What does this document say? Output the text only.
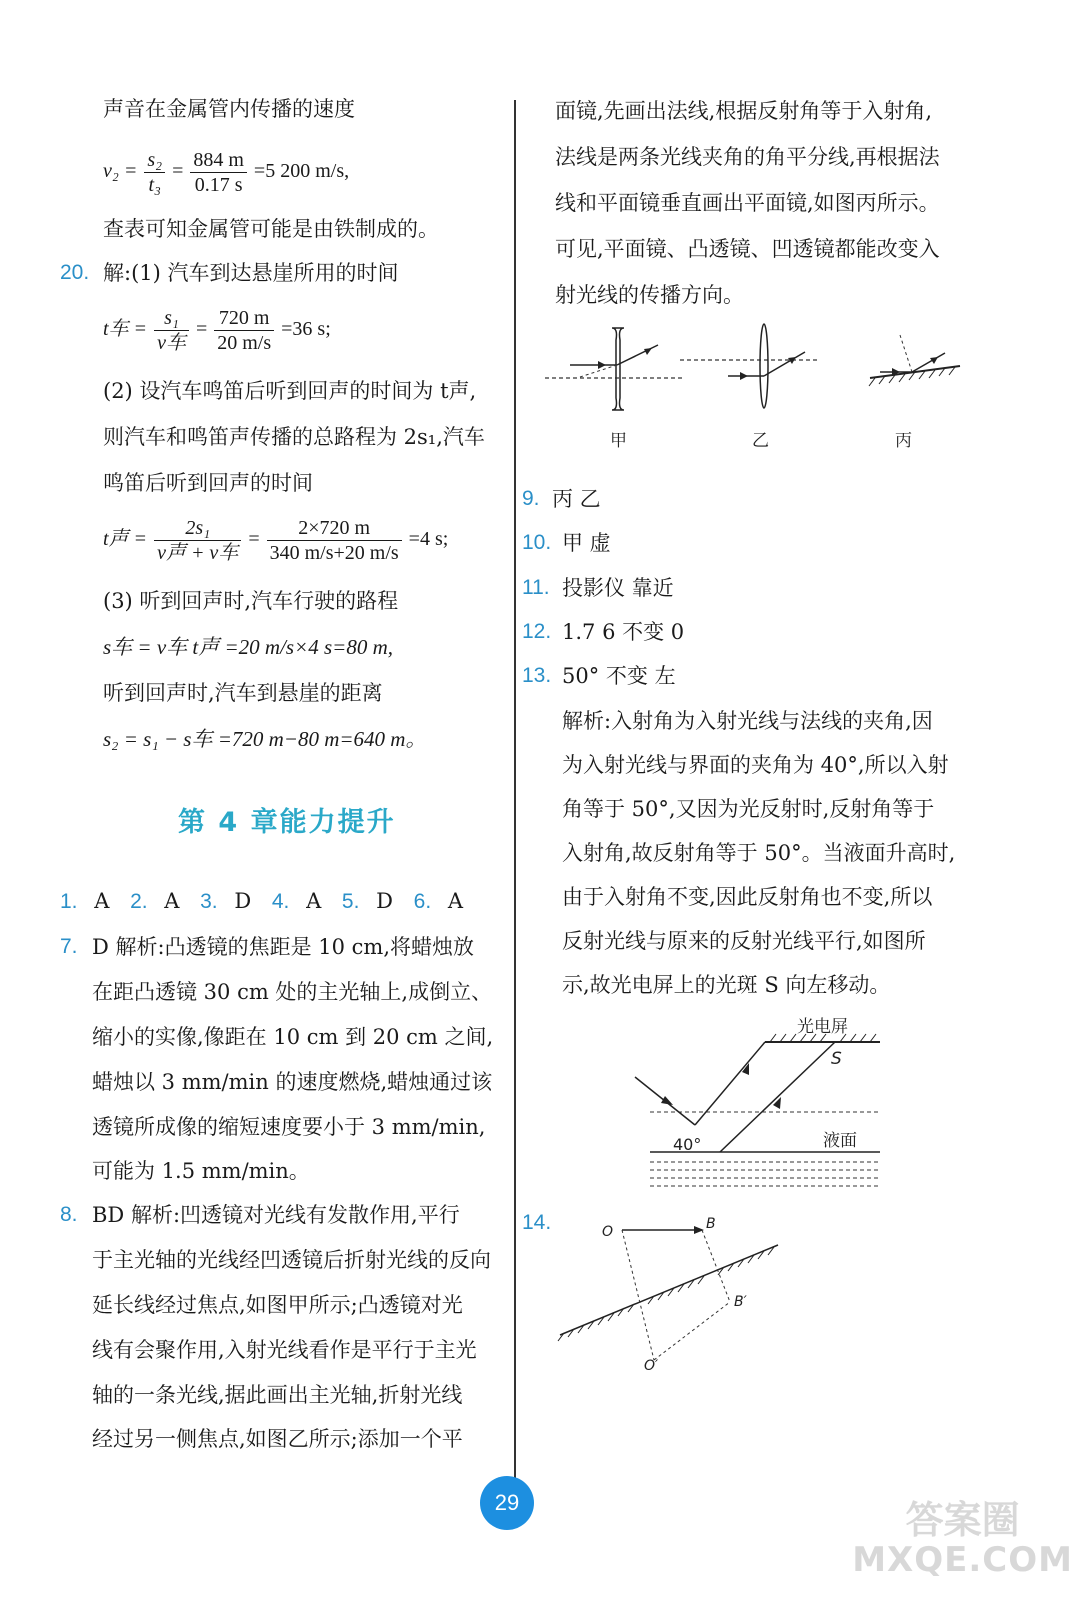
声音在金属管内传播的速度
$v_2 = \frac{\text{s₂}}{\text{t₃}} = \frac{884 m}{0.17 s} =5$ 200 m/s,
查表可知金属管可能是由铁制成的。
20. 解:(1) 汽车到达悬崖所用的时间
t车 =
s₁
v车
= $\frac{720 m}{20 m/s} =36$ s;
(2) 设汽车鸣笛后听到回声的时间为 t声,
则汽车和鸣笛声传播的总路程为 2s₁,汽车
鸣笛后听到回声的时间
t声 =
2s₁
v声 + v车
= $\frac{2\times 720 m}{340 m/s+20 m/s} =4$ s;
(3) 听到回声时,汽车行驶的路程
s车 = v车 t声 =20 m/s×4 s=80 m,
听到回声时,汽车到悬崖的距离
s₂ = s₁ − s车 =720 m−80 m=640 m。
第 4 章能力提升
1. A 2. A 3. D 4. A 5. D 6. A
7. D 解析:凸透镜的焦距是 10 cm,将蜡烛放
在距凸透镜 30 cm 处的主光轴上,成倒立、
缩小的实像,像距在 10 cm 到 20 cm 之间,
蜡烛以 3 mm/min 的速度燃烧,蜡烛通过该
透镜所成像的缩短速度要小于 3 mm/min,
可能为 1.5 mm/min。
8. BD 解析:凹透镜对光线有发散作用,平行
于主光轴的光线经凹透镜后折射光线的反向
延长线经过焦点,如图甲所示;凸透镜对光
线有会聚作用,入射光线看作是平行于主光
轴的一条光线,据此画出主光轴,折射光线
经过另一侧焦点,如图乙所示;添加一个平
面镜,先画出法线,根据反射角等于入射角,
法线是两条光线夹角的角平分线,再根据法
线和平面镜垂直画出平面镜,如图丙所示。
可见,平面镜、凸透镜、凹透镜都能改变入
射光线的传播方向。
甲	乙	丙
9. 丙 乙
10. 甲 虚
11. 投影仪 靠近
12. 1.7 6 不变 0
13. 50° 不变 左
解析:入射角为入射光线与法线的夹角,因
为入射光线与界面的夹角为 40°,所以入射
角等于 50°,又因为光反射时,反射角等于
入射角,故反射角等于 50°。当液面升高时,
由于入射角不变,因此反射角也不变,所以
反射光线与原来的反射光线平行,如图所
示,故光电屏上的光斑 S 向左移动。
光电屏
S
40°	液面
14.	O	B
B′
O′
29	答案圈
MXQE.COM
